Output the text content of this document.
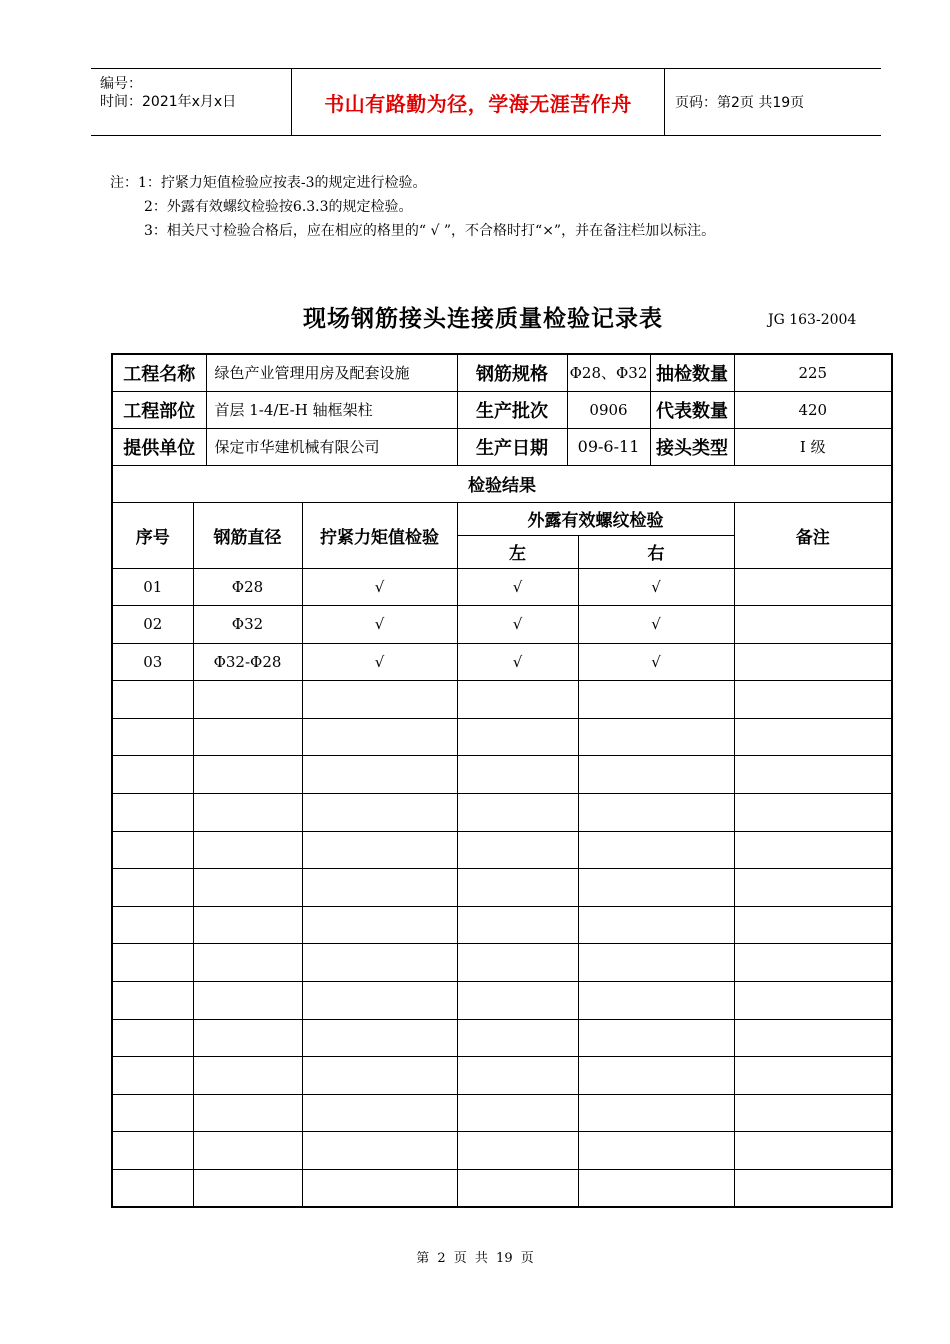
编号：
时间：2021年x月x日	书山有路勤为径，学海无涯苦作舟	页码：第2页 共19页
注：1：拧紧力矩值检验应按表-3的规定进行检验。
2：外露有效螺纹检验按6.3.3的规定检验。
3：相关尺寸检验合格后，应在相应的格里的“ √ ”，不合格时打“×”，并在备注栏加以标注。
现场钢筋接头连接质量检验记录表	JG 163-2004
工程名称		绿色产业管理用房及配套设施		钢筋规格	Φ28、Φ32		抽检数量	225
工程部位		首层 1-4/E-H 轴框架柱		生产批次	0906		代表数量	420
提供单位		保定市华建机械有限公司		生产日期	09-6-11		接头类型	Ⅰ 级
检验结果								
序号	钢筋直径		拧紧力矩值检验	外露有效螺纹检验				备注
				左		右		
01	Φ28		√	√		√		
02	Φ32		√	√		√		
03	Φ32-Φ28		√	√		√		

第 2 页 共 19 页
